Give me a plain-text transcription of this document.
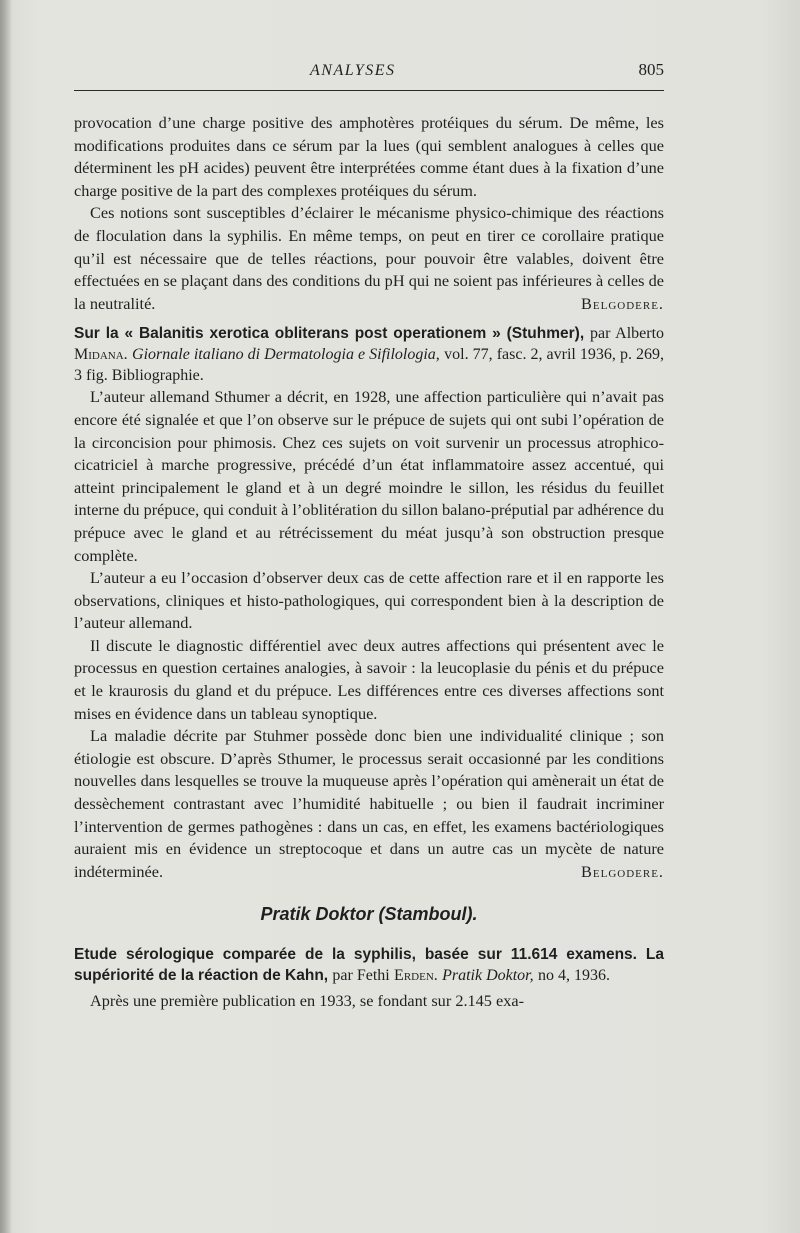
ANALYSES	805

provocation d’une charge positive des amphotères protéiques du sérum. De même, les modifications produites dans ce sérum par la lues (qui semblent analogues à celles que déterminent les pH acides) peuvent être interprétées comme étant dues à la fixation d’une charge positive de la part des complexes protéiques du sérum.

Ces notions sont susceptibles d’éclairer le mécanisme physico-chimique des réactions de floculation dans la syphilis. En même temps, on peut en tirer ce corollaire pratique qu’il est nécessaire que de telles réactions, pour pouvoir être valables, doivent être effectuées en se plaçant dans des conditions du pH qui ne soient pas inférieures à celles de la neutralité.	Belgodere.

Sur la « Balanitis xerotica obliterans post operationem » (Stuhmer), par Alberto Midana. Giornale italiano di Dermatologia e Sifilologia, vol. 77, fasc. 2, avril 1936, p. 269, 3 fig. Bibliographie.

L’auteur allemand Sthumer a décrit, en 1928, une affection particulière qui n’avait pas encore été signalée et que l’on observe sur le prépuce de sujets qui ont subi l’opération de la circoncision pour phimosis. Chez ces sujets on voit survenir un processus atrophico-cicatriciel à marche progressive, précédé d’un état inflammatoire assez accentué, qui atteint principalement le gland et à un degré moindre le sillon, les résidus du feuillet interne du prépuce, qui conduit à l’oblitération du sillon balano-préputial par adhérence du prépuce avec le gland et au rétrécissement du méat jusqu’à son obstruction presque complète.

L’auteur a eu l’occasion d’observer deux cas de cette affection rare et il en rapporte les observations, cliniques et histo-pathologiques, qui correspondent bien à la description de l’auteur allemand.

Il discute le diagnostic différentiel avec deux autres affections qui présentent avec le processus en question certaines analogies, à savoir : la leucoplasie du pénis et du prépuce et le kraurosis du gland et du prépuce. Les différences entre ces diverses affections sont mises en évidence dans un tableau synoptique.

La maladie décrite par Stuhmer possède donc bien une individualité clinique ; son étiologie est obscure. D’après Sthumer, le processus serait occasionné par les conditions nouvelles dans lesquelles se trouve la muqueuse après l’opération qui amènerait un état de dessèchement contrastant avec l’humidité habituelle ; ou bien il faudrait incriminer l’intervention de germes pathogènes : dans un cas, en effet, les examens bactériologiques auraient mis en évidence un streptocoque et dans un autre cas un mycète de nature indéterminée.	Belgodere.

Pratik Doktor (Stamboul).
Etude sérologique comparée de la syphilis, basée sur 11.614 examens. La supériorité de la réaction de Kahn, par Fethi Erden. Pratik Doktor, no 4, 1936.

Après une première publication en 1933, se fondant sur 2.145 exa-
